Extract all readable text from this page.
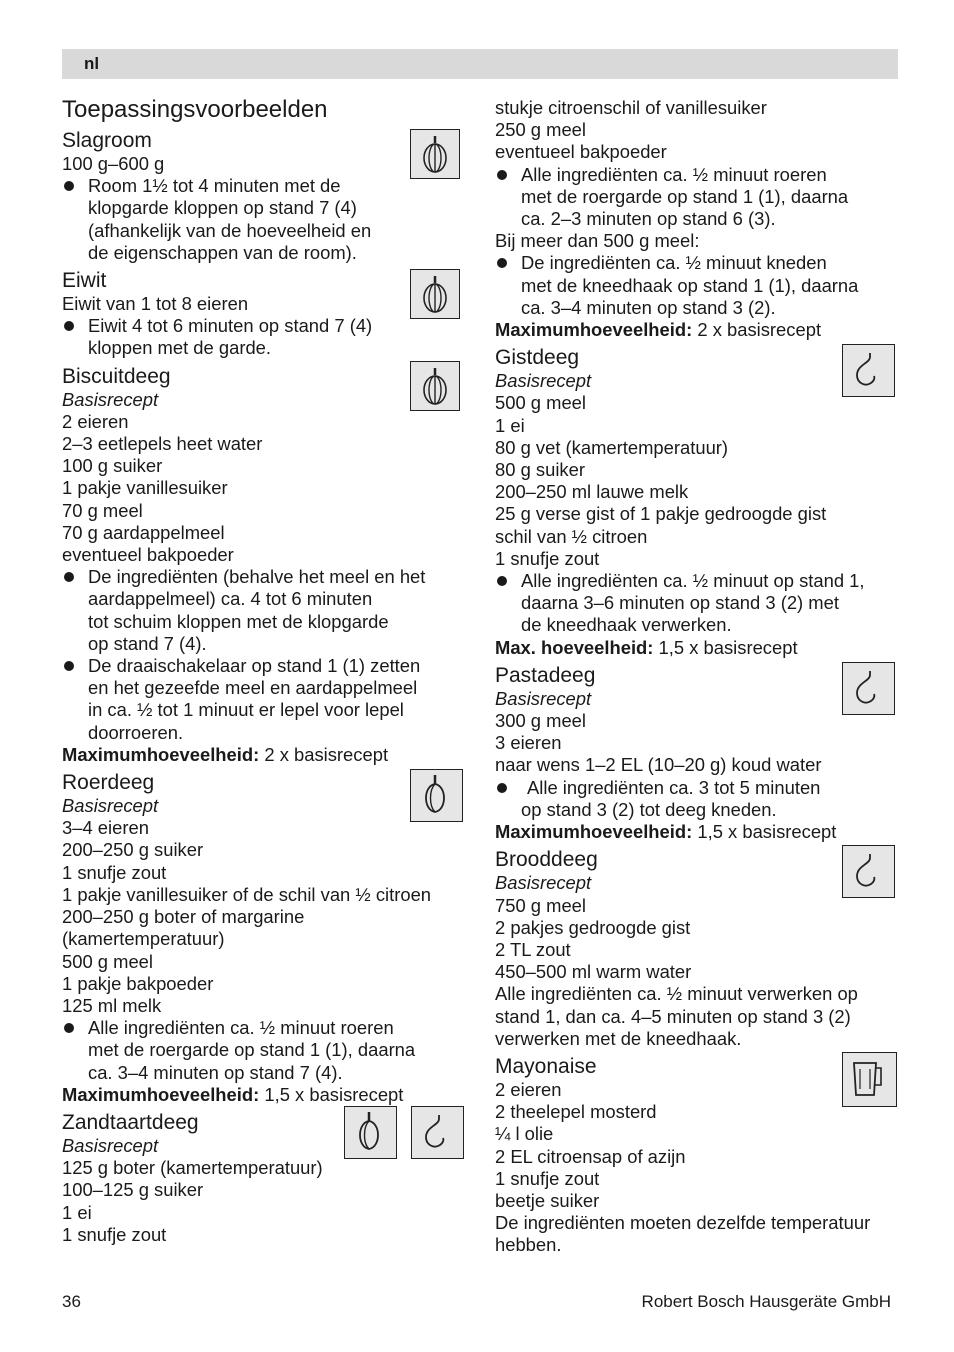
nl
Toepassingsvoorbeelden
Slagroom

100 g–600 g

Room 1½ tot 4 minuten met de
klopgarde kloppen op stand 7 (4)
(afhankelijk van de hoeveelheid en
de eigenschappen van de room).
Eiwit

Eiwit van 1 tot 8 eieren

Eiwit 4 tot 6 minuten op stand 7 (4)
kloppen met de garde.
Biscuitdeeg

Basisrecept

2 eieren

2–3 eetlepels heet water

100 g suiker

1 pakje vanillesuiker

70 g meel

70 g aardappelmeel

eventueel bakpoeder

De ingrediënten (behalve het meel en het
aardappelmeel) ca. 4 tot 6 minuten
tot schuim kloppen met de klopgarde
op stand 7 (4).
De draaischakelaar op stand 1 (1) zetten
en het gezeefde meel en aardappelmeel
in ca. ½ tot 1 minuut er lepel voor lepel
doorroeren.

Maximumhoeveelheid: 2 x basisrecept

Roerdeeg

Basisrecept

3–4 eieren

200–250 g suiker

1 snufje zout

1 pakje vanillesuiker of de schil van ½ citroen

200–250 g boter of margarine

(kamertemperatuur)

500 g meel

1 pakje bakpoeder

125 ml melk

Alle ingrediënten ca. ½ minuut roeren
met de roergarde op stand 1 (1), daarna
ca. 3–4 minuten op stand 7 (4).

Maximumhoeveelheid: 1,5 x basisrecept

Zandtaartdeeg

Basisrecept

125 g boter (kamertemperatuur)

100–125 g suiker

1 ei

1 snufje zout

stukje citroenschil of vanillesuiker

250 g meel

eventueel bakpoeder

Alle ingrediënten ca. ½ minuut roeren
met de roergarde op stand 1 (1), daarna
ca. 2–3 minuten op stand 6 (3).

Bij meer dan 500 g meel:

De ingrediënten ca. ½ minuut kneden
met de kneedhaak op stand 1 (1), daarna
ca. 3–4 minuten op stand 3 (2).

Maximumhoeveelheid: 2 x basisrecept

Gistdeeg

Basisrecept

500 g meel

1 ei

80 g vet (kamertemperatuur)

80 g suiker

200–250 ml lauwe melk

25 g verse gist of 1 pakje gedroogde gist

schil van ½ citroen

1 snufje zout

Alle ingrediënten ca. ½ minuut op stand 1,
daarna 3–6 minuten op stand 3 (2) met
de kneedhaak verwerken.

Max. hoeveelheid: 1,5 x basisrecept

Pastadeeg

Basisrecept

300 g meel

3 eieren

naar wens 1–2 EL (10–20 g) koud water

Alle ingrediënten ca. 3 tot 5 minuten
op stand 3 (2) tot deeg kneden.

Maximumhoeveelheid: 1,5 x basisrecept

Brooddeeg

Basisrecept

750 g meel

2 pakjes gedroogde gist

2 TL zout

450–500 ml warm water

Alle ingrediënten ca. ½ minuut verwerken op

stand 1, dan ca. 4–5 minuten op stand 3 (2)

verwerken met de kneedhaak.

Mayonaise

2 eieren

2 theelepel mosterd

¼ l olie

2 EL citroensap of azijn

1 snufje zout

beetje suiker

De ingrediënten moeten dezelfde temperatuur

hebben.

36	Robert Bosch Hausgeräte GmbH
